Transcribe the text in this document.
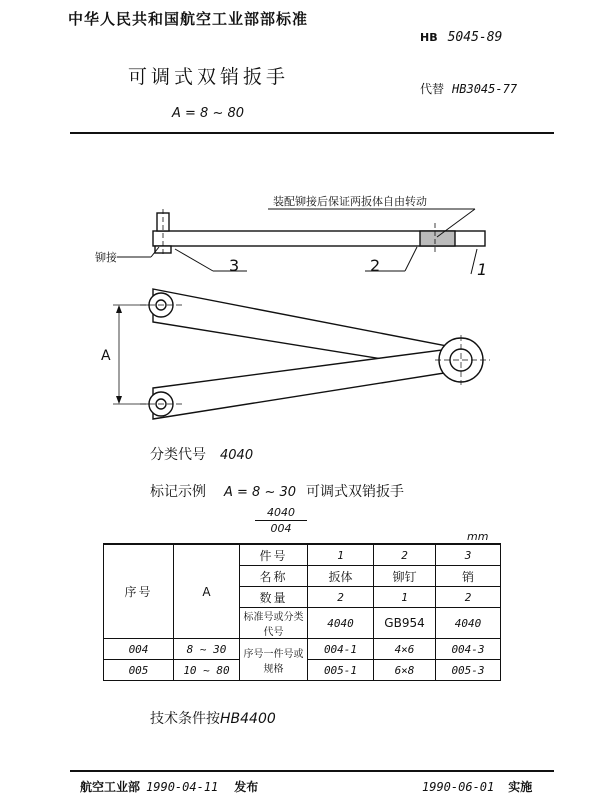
中华人民共和国航空工业部部标准
HB 5045-89
可调式双销扳手
代替 HB3045-77
A = 8 ~ 80
装配铆接后保证两扳体自由转动
铆接	3	2	1
A
分类代号 4040
标记示例 A = 8 ~ 30 可调式双销扳手
$\frac{4040}{004}$
mm
序号	A	件号	1	2	3
		名称	扳体	铆钉	销
		数量	2	1	2
		标准号或分类代号	4040	GB954	4040
004	8 ~ 30	序号一件号或规格	004-1	4×6	004-3
005	10 ~ 80		005-1	6×8	005-3
技术条件按HB4400
航空工业部 1990-04-11 发布	1990-06-01 实施
